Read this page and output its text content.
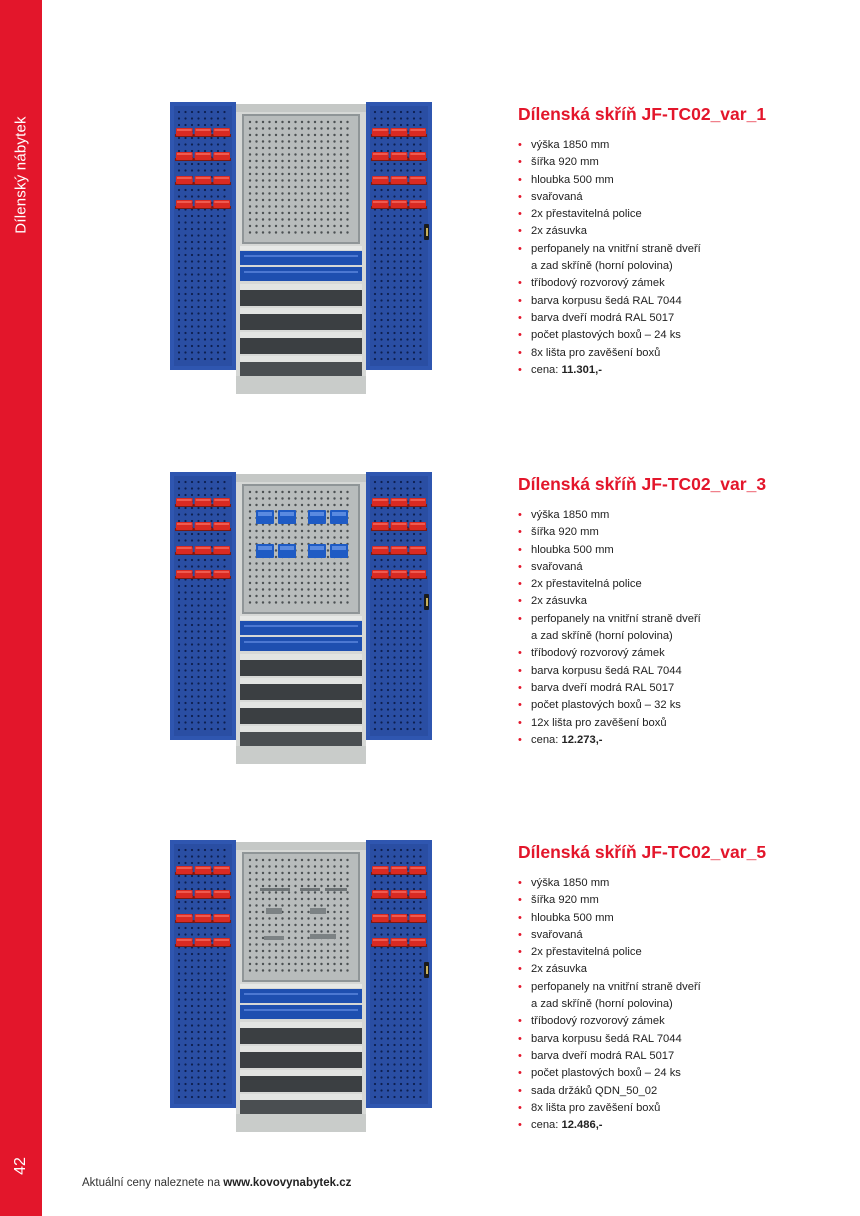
Dílenský nábytek
42
Dílenská skříň JF-TC02_var_1
• výška 1850 mm
• šířka 920 mm
• hloubka 500 mm
• svařovaná
• 2x přestavitelná police
• 2x zásuvka
• perfopanely na vnitřní straně dveří
a zad skříně (horní polovina)
• tříbodový rozvorový zámek
• barva korpusu šedá RAL 7044
• barva dveří modrá RAL 5017
• počet plastových boxů – 24 ks
• 8x lišta pro zavěšení boxů
• cena: 11.301,-
Dílenská skříň JF-TC02_var_3
• výška 1850 mm
• šířka 920 mm
• hloubka 500 mm
• svařovaná
• 2x přestavitelná police
• 2x zásuvka
• perfopanely na vnitřní straně dveří
a zad skříně (horní polovina)
• tříbodový rozvorový zámek
• barva korpusu šedá RAL 7044
• barva dveří modrá RAL 5017
• počet plastových boxů – 32 ks
• 12x lišta pro zavěšení boxů
• cena: 12.273,-
Dílenská skříň JF-TC02_var_5
• výška 1850 mm
• šířka 920 mm
• hloubka 500 mm
• svařovaná
• 2x přestavitelná police
• 2x zásuvka
• perfopanely na vnitřní straně dveří
a zad skříně (horní polovina)
• tříbodový rozvorový zámek
• barva korpusu šedá RAL 7044
• barva dveří modrá RAL 5017
• počet plastových boxů – 24 ks
• sada držáků QDN_50_02
• 8x lišta pro zavěšení boxů
• cena: 12.486,-
Aktuální ceny naleznete na www.kovovynabytek.cz
